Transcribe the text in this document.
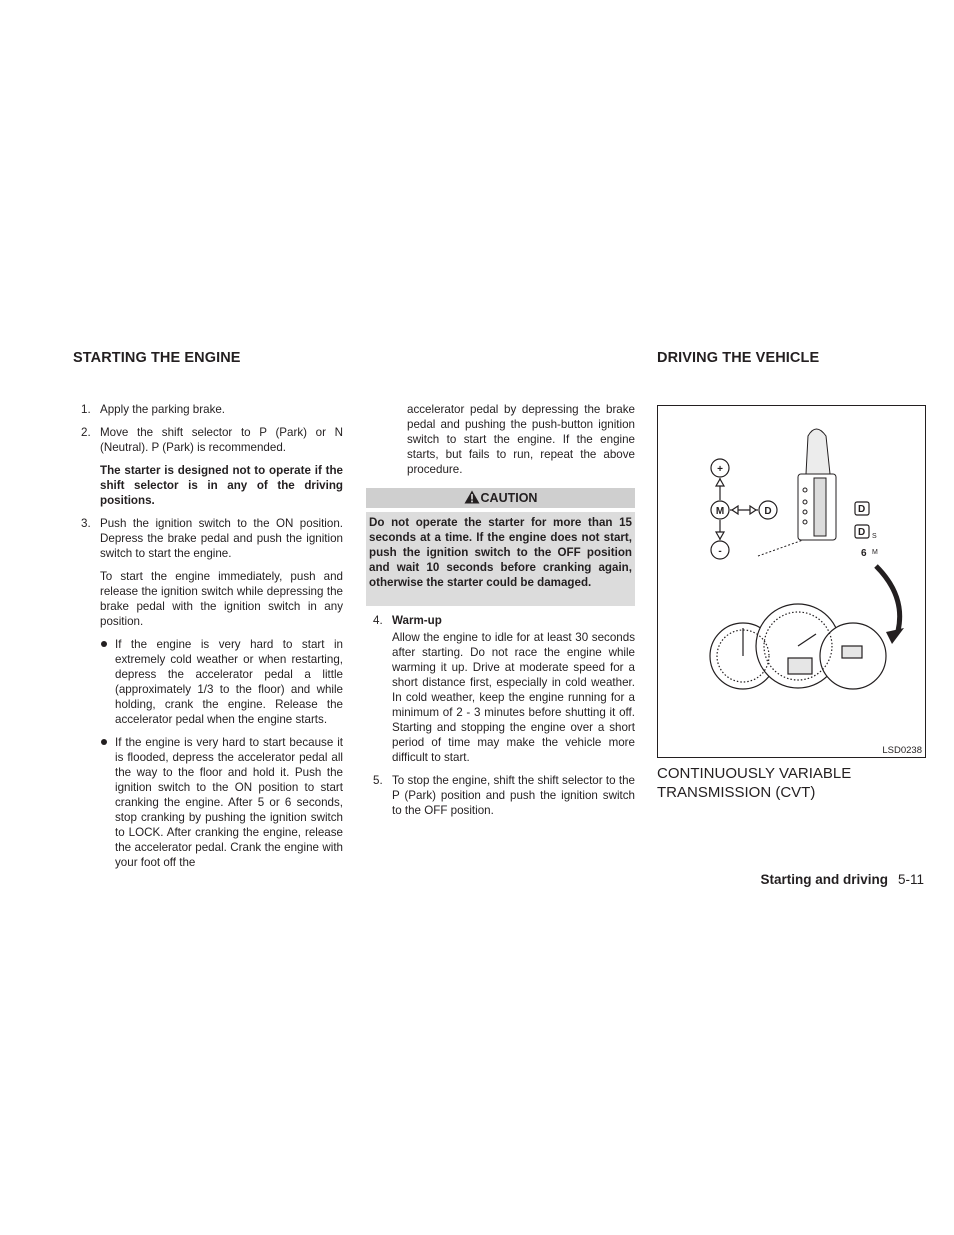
STARTING THE ENGINE	DRIVING THE VEHICLE
1. Apply the parking brake.
2. Move the shift selector to P (Park) or N (Neutral). P (Park) is recommended.
The starter is designed not to operate if the shift selector is in any of the driving positions.
3. Push the ignition switch to the ON position. Depress the brake pedal and push the ignition switch to start the engine.
To start the engine immediately, push and release the ignition switch while depressing the brake pedal with the ignition switch in any position.
If the engine is very hard to start in extremely cold weather or when restarting, depress the accelerator pedal a little (approximately 1/3 to the floor) and while holding, crank the engine. Release the accelerator pedal when the engine starts.
If the engine is very hard to start because it is flooded, depress the accelerator pedal all the way to the floor and hold it. Push the ignition switch to the ON position to start cranking the engine. After 5 or 6 seconds, stop cranking by pushing the ignition switch to LOCK. After cranking the engine, release the accelerator pedal. Crank the engine with your foot off the
accelerator pedal by depressing the brake pedal and pushing the push-button ignition switch to start the engine. If the engine starts, but fails to run, repeat the above procedure.
CAUTION
Do not operate the starter for more than 15 seconds at a time. If the engine does not start, push the ignition switch to the OFF position and wait 10 seconds before cranking again, otherwise the starter could be damaged.
4. Warm-up
Allow the engine to idle for at least 30 seconds after starting. Do not race the engine while warming it up. Drive at moderate speed for a short distance first, especially in cold weather. In cold weather, keep the engine running for a minimum of 2 - 3 minutes before shutting it off. Starting and stopping the engine over a short period of time may make the vehicle more difficult to start.
5. To stop the engine, shift the shift selector to the P (Park) position and push the ignition switch to the OFF position.
+
M
-
D	D
D
6
S
M
LSD0238
CONTINUOUSLY VARIABLE TRANSMISSION (CVT)
Starting and driving 5-11
